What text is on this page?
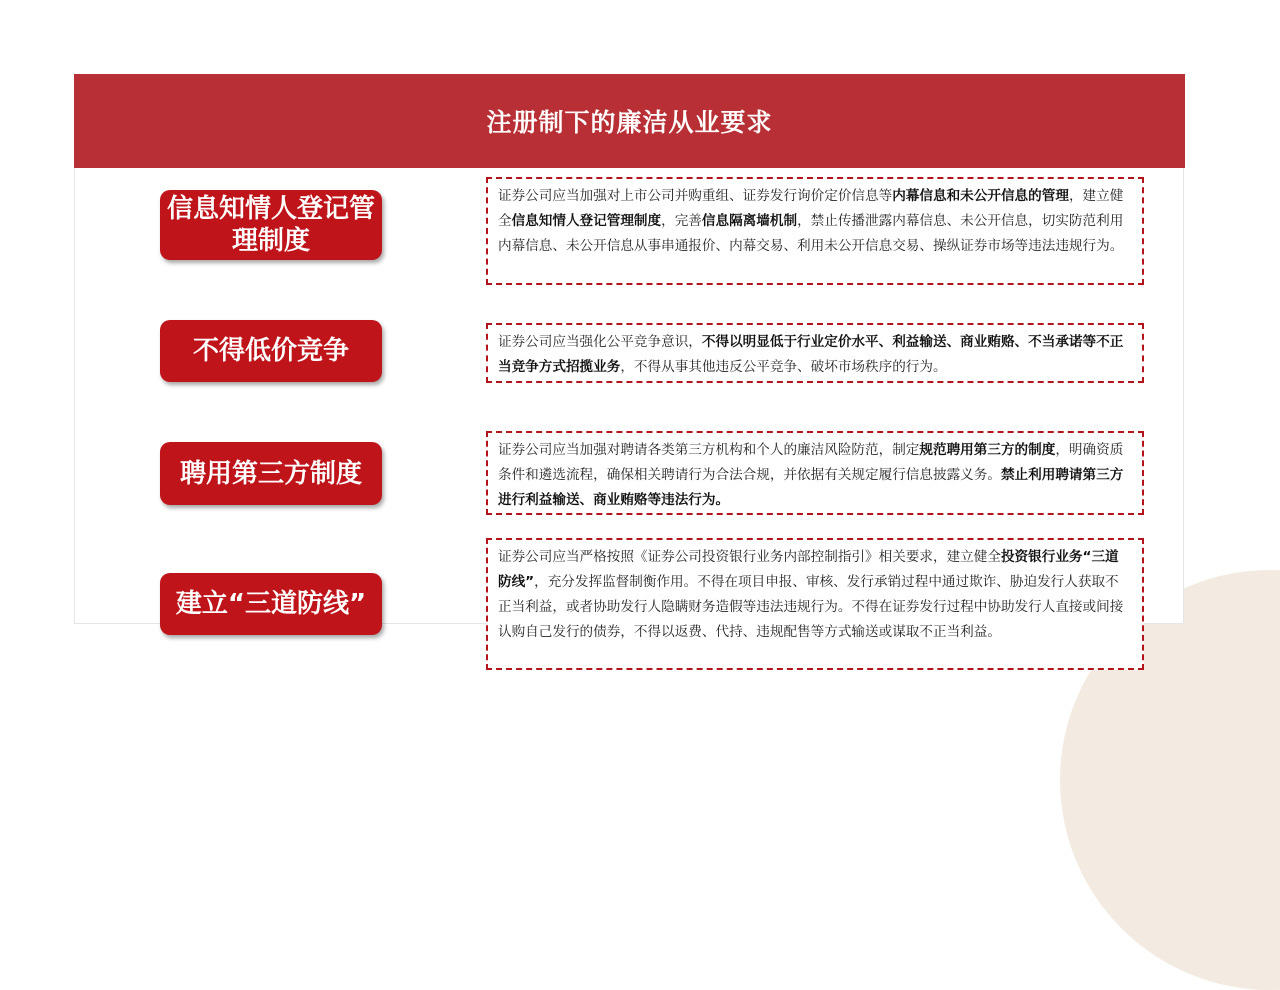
注册制下的廉洁从业要求
信息知情人登记管理制度
证券公司应当加强对上市公司并购重组、证券发行询价定价信息等内幕信息和未公开信息的管理，建立健全信息知情人登记管理制度，完善信息隔离墙机制，禁止传播泄露内幕信息、未公开信息，切实防范利用内幕信息、未公开信息从事串通报价、内幕交易、利用未公开信息交易、操纵证券市场等违法违规行为。
不得低价竞争	证券公司应当强化公平竞争意识，不得以明显低于行业定价水平、利益输送、商业贿赂、不当承诺等不正当竞争方式招揽业务，不得从事其他违反公平竞争、破坏市场秩序的行为。
聘用第三方制度
证券公司应当加强对聘请各类第三方机构和个人的廉洁风险防范，制定规范聘用第三方的制度，明确资质条件和遴选流程，确保相关聘请行为合法合规，并依据有关规定履行信息披露义务。禁止利用聘请第三方进行利益输送、商业贿赂等违法行为。
建立“三道防线”
证券公司应当严格按照《证券公司投资银行业务内部控制指引》相关要求，建立健全投资银行业务“三道防线”，充分发挥监督制衡作用。不得在项目申报、审核、发行承销过程中通过欺诈、胁迫发行人获取不正当利益，或者协助发行人隐瞒财务造假等违法违规行为。不得在证券发行过程中协助发行人直接或间接认购自己发行的债券，不得以返费、代持、违规配售等方式输送或谋取不正当利益。
